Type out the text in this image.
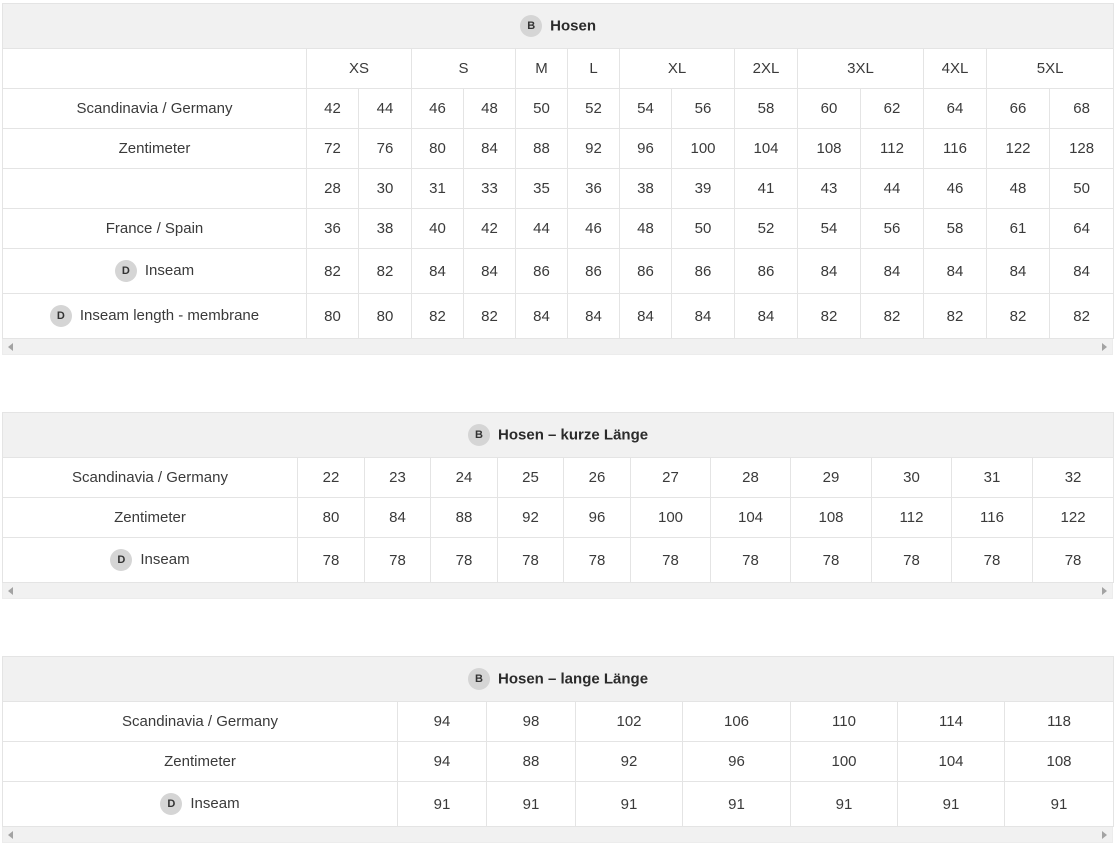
B Hosen														
	XS		S		M	L	XL		2XL	3XL		4XL	5XL	
Scandinavia / Germany	42	44	46	48	50	52	54	56	58	60	62	64	66	68
Zentimeter	72	76	80	84	88	92	96	100	104	108	112	116	122	128
	28	30	31	33	35	36	38	39	41	43	44	46	48	50
France / Spain	36	38	40	42	44	46	48	50	52	54	56	58	61	64
D Inseam	82	82	84	84	86	86	86	86	86	84	84	84	84	84
D Inseam length - membrane	80	80	82	82	84	84	84	84	84	82	82	82	82	82
B Hosen – kurze Länge											
Scandinavia / Germany	22	23	24	25	26	27	28	29	30	31	32
Zentimeter	80	84	88	92	96	100	104	108	112	116	122
D Inseam	78	78	78	78	78	78	78	78	78	78	78
B Hosen – lange Länge							
Scandinavia / Germany	94	98	102	106	110	114	118
Zentimeter	94	88	92	96	100	104	108
D Inseam	91	91	91	91	91	91	91
